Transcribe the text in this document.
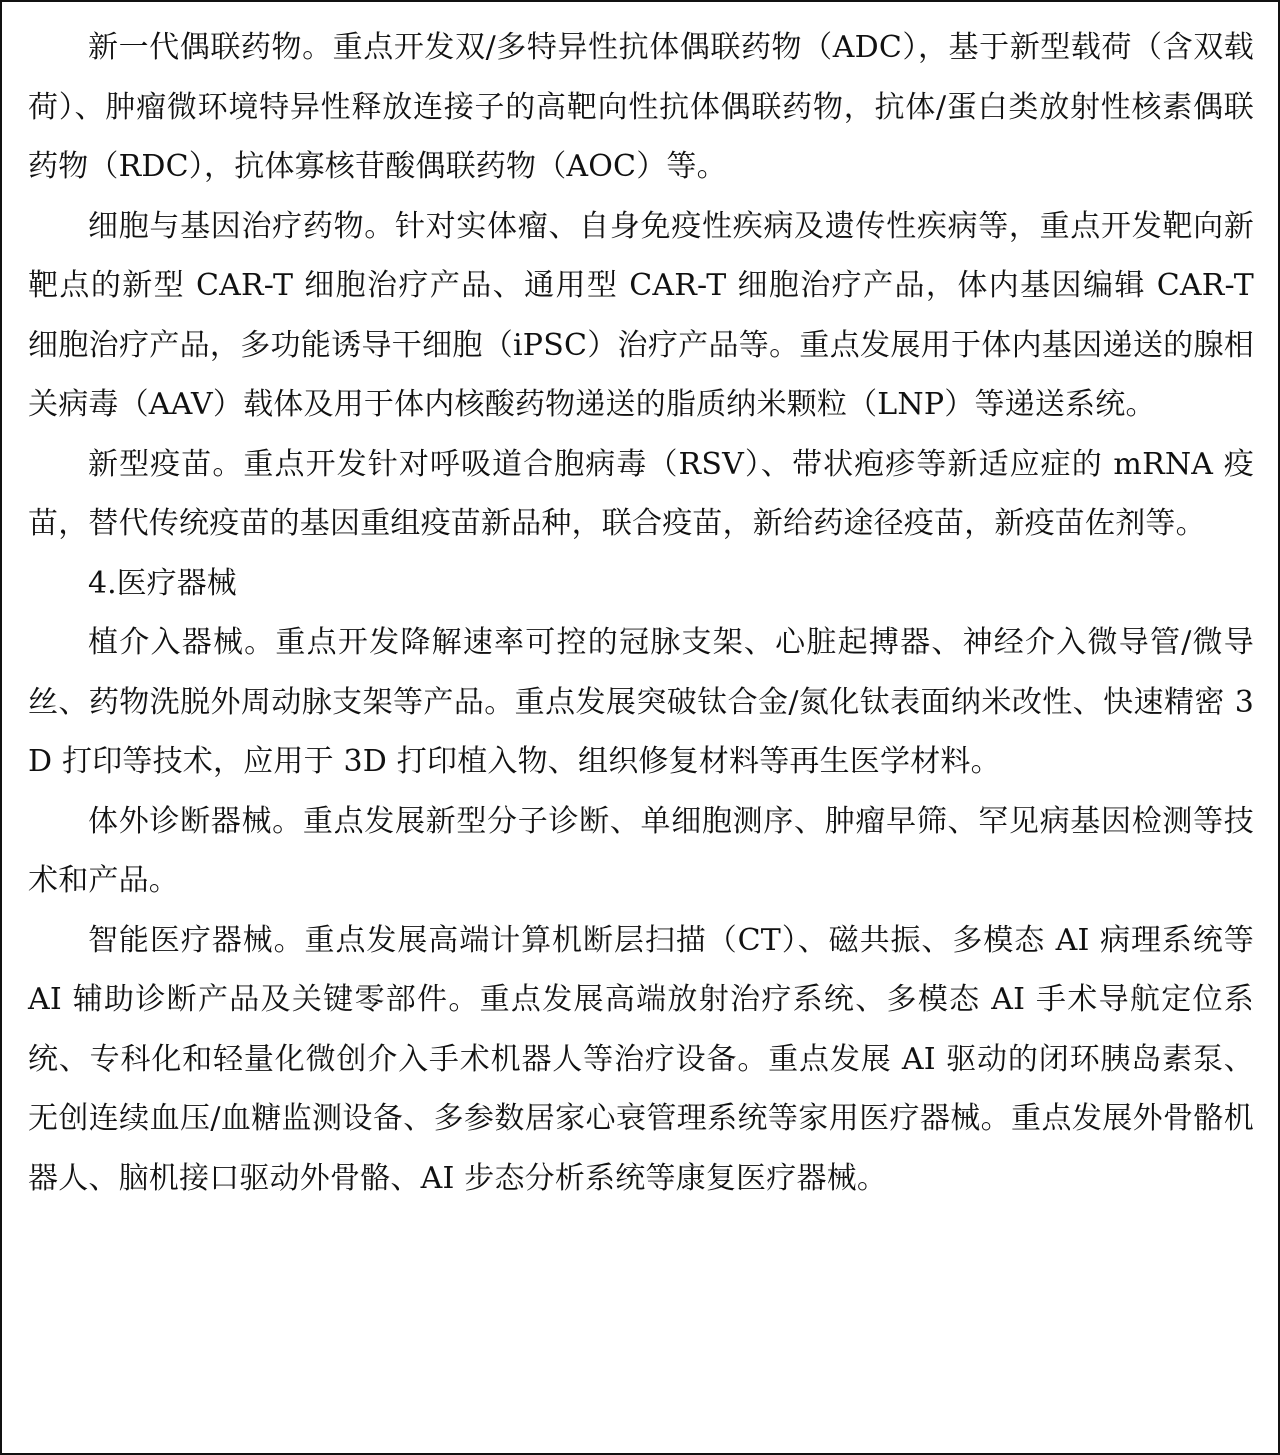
新一代偶联药物。重点开发双/多特异性抗体偶联药物（ADC），基于新型载荷（含双载荷）、肿瘤微环境特异性释放连接子的高靶向性抗体偶联药物，抗体/蛋白类放射性核素偶联药物（RDC），抗体寡核苷酸偶联药物（AOC）等。

细胞与基因治疗药物。针对实体瘤、自身免疫性疾病及遗传性疾病等，重点开发靶向新靶点的新型 CAR-T 细胞治疗产品、通用型 CAR-T 细胞治疗产品，体内基因编辑 CAR-T 细胞治疗产品，多功能诱导干细胞（iPSC）治疗产品等。重点发展用于体内基因递送的腺相关病毒（AAV）载体及用于体内核酸药物递送的脂质纳米颗粒（LNP）等递送系统。

新型疫苗。重点开发针对呼吸道合胞病毒（RSV）、带状疱疹等新适应症的 mRNA 疫苗，替代传统疫苗的基因重组疫苗新品种，联合疫苗，新给药途径疫苗，新疫苗佐剂等。

4.医疗器械

植介入器械。重点开发降解速率可控的冠脉支架、心脏起搏器、神经介入微导管/微导丝、药物洗脱外周动脉支架等产品。重点发展突破钛合金/氮化钛表面纳米改性、快速精密 3D 打印等技术，应用于 3D 打印植入物、组织修复材料等再生医学材料。

体外诊断器械。重点发展新型分子诊断、单细胞测序、肿瘤早筛、罕见病基因检测等技术和产品。

智能医疗器械。重点发展高端计算机断层扫描（CT）、磁共振、多模态 AI 病理系统等 AI 辅助诊断产品及关键零部件。重点发展高端放射治疗系统、多模态 AI 手术导航定位系统、专科化和轻量化微创介入手术机器人等治疗设备。重点发展 AI 驱动的闭环胰岛素泵、无创连续血压/血糖监测设备、多参数居家心衰管理系统等家用医疗器械。重点发展外骨骼机器人、脑机接口驱动外骨骼、AI 步态分析系统等康复医疗器械。
